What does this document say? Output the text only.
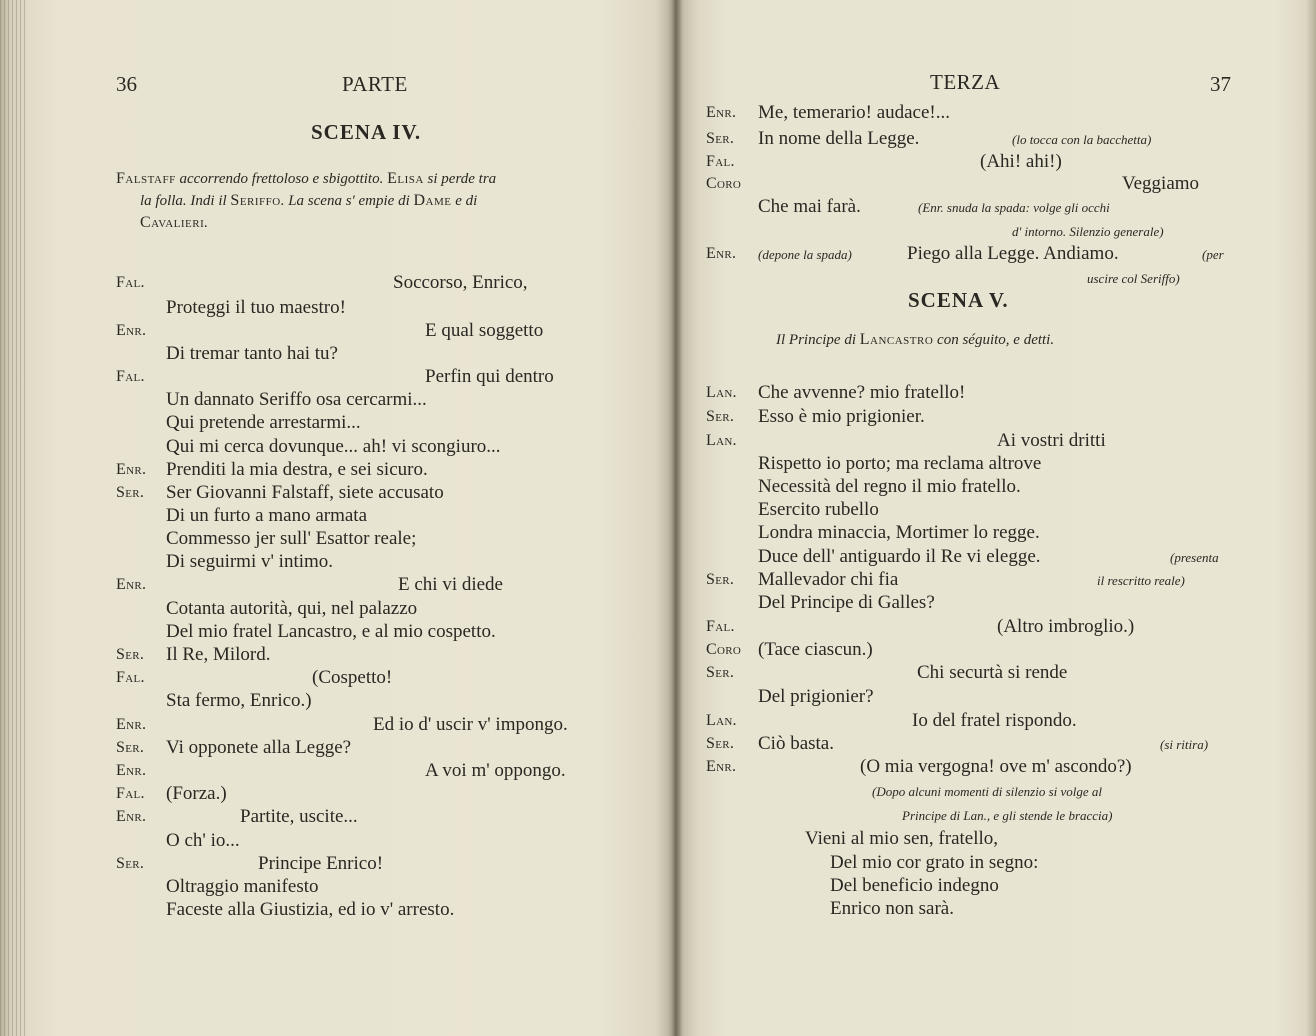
36	PARTE
SCENA IV.
Falstaff accorrendo frettoloso e sbigottito. Elisa si perde tra
la folla. Indi il Seriffo. La scena s' empie di Dame e di
Cavalieri.
Fal.	Soccorso, Enrico,
Proteggi il tuo maestro!
Enr.	E qual soggetto
Di tremar tanto hai tu?
Fal.	Perfin qui dentro
Un dannato Seriffo osa cercarmi...
Qui pretende arrestarmi...
Qui mi cerca dovunque... ah! vi scongiuro...
Enr. Prenditi la mia destra, e sei sicuro.
Ser. Ser Giovanni Falstaff, siete accusato
Di un furto a mano armata
Commesso jer sull' Esattor reale;
Di seguirmi v' intimo.
Enr.	E chi vi diede
Cotanta autorità, qui, nel palazzo
Del mio fratel Lancastro, e al mio cospetto.
Ser. Il Re, Milord.
Fal.	(Cospetto!
Sta fermo, Enrico.)
Enr.	Ed io d' uscir v' impongo.
Ser. Vi opponete alla Legge?
Enr.	A voi m' oppongo.
Fal. (Forza.)
Enr.	Partite, uscite...
O ch' io...
Ser.	Principe Enrico!
Oltraggio manifesto
Faceste alla Giustizia, ed io v' arresto.
TERZA	37
SCENA V.
Il Principe di Lancastro con séguito, e detti.
Enr. Me, temerario! audace!...
Ser. In nome della Legge.	(lo tocca con la bacchetta)
Fal.	(Ahi! ahi!)
Coro	Veggiamo
Che mai farà.	(Enr. snuda la spada: volge gli occhi
d' intorno. Silenzio generale)
Enr.	Piego alla Legge. Andiamo.
(depone la spada)	(per
uscire col Seriffo)
Lan. Che avvenne? mio fratello!
Ser. Esso è mio prigionier.
Lan.	Ai vostri dritti
Rispetto io porto; ma reclama altrove
Necessità del regno il mio fratello.
Esercito rubello
Londra minaccia, Mortimer lo regge.
Duce dell' antiguardo il Re vi elegge.	(presenta
Ser. Mallevador chi fia	il rescritto reale)
Del Principe di Galles?
Fal.	(Altro imbroglio.)
Coro (Tace ciascun.)
Ser.	Chi securtà si rende
Del prigionier?
Lan.	Io del fratel rispondo.
Ser. Ciò basta.	(si ritira)
Enr.	(O mia vergogna! ove m' ascondo?)
(Dopo alcuni momenti di silenzio si volge al
Principe di Lan., e gli stende le braccia)
Vieni al mio sen, fratello,
Del mio cor grato in segno:
Del beneficio indegno
Enrico non sarà.
